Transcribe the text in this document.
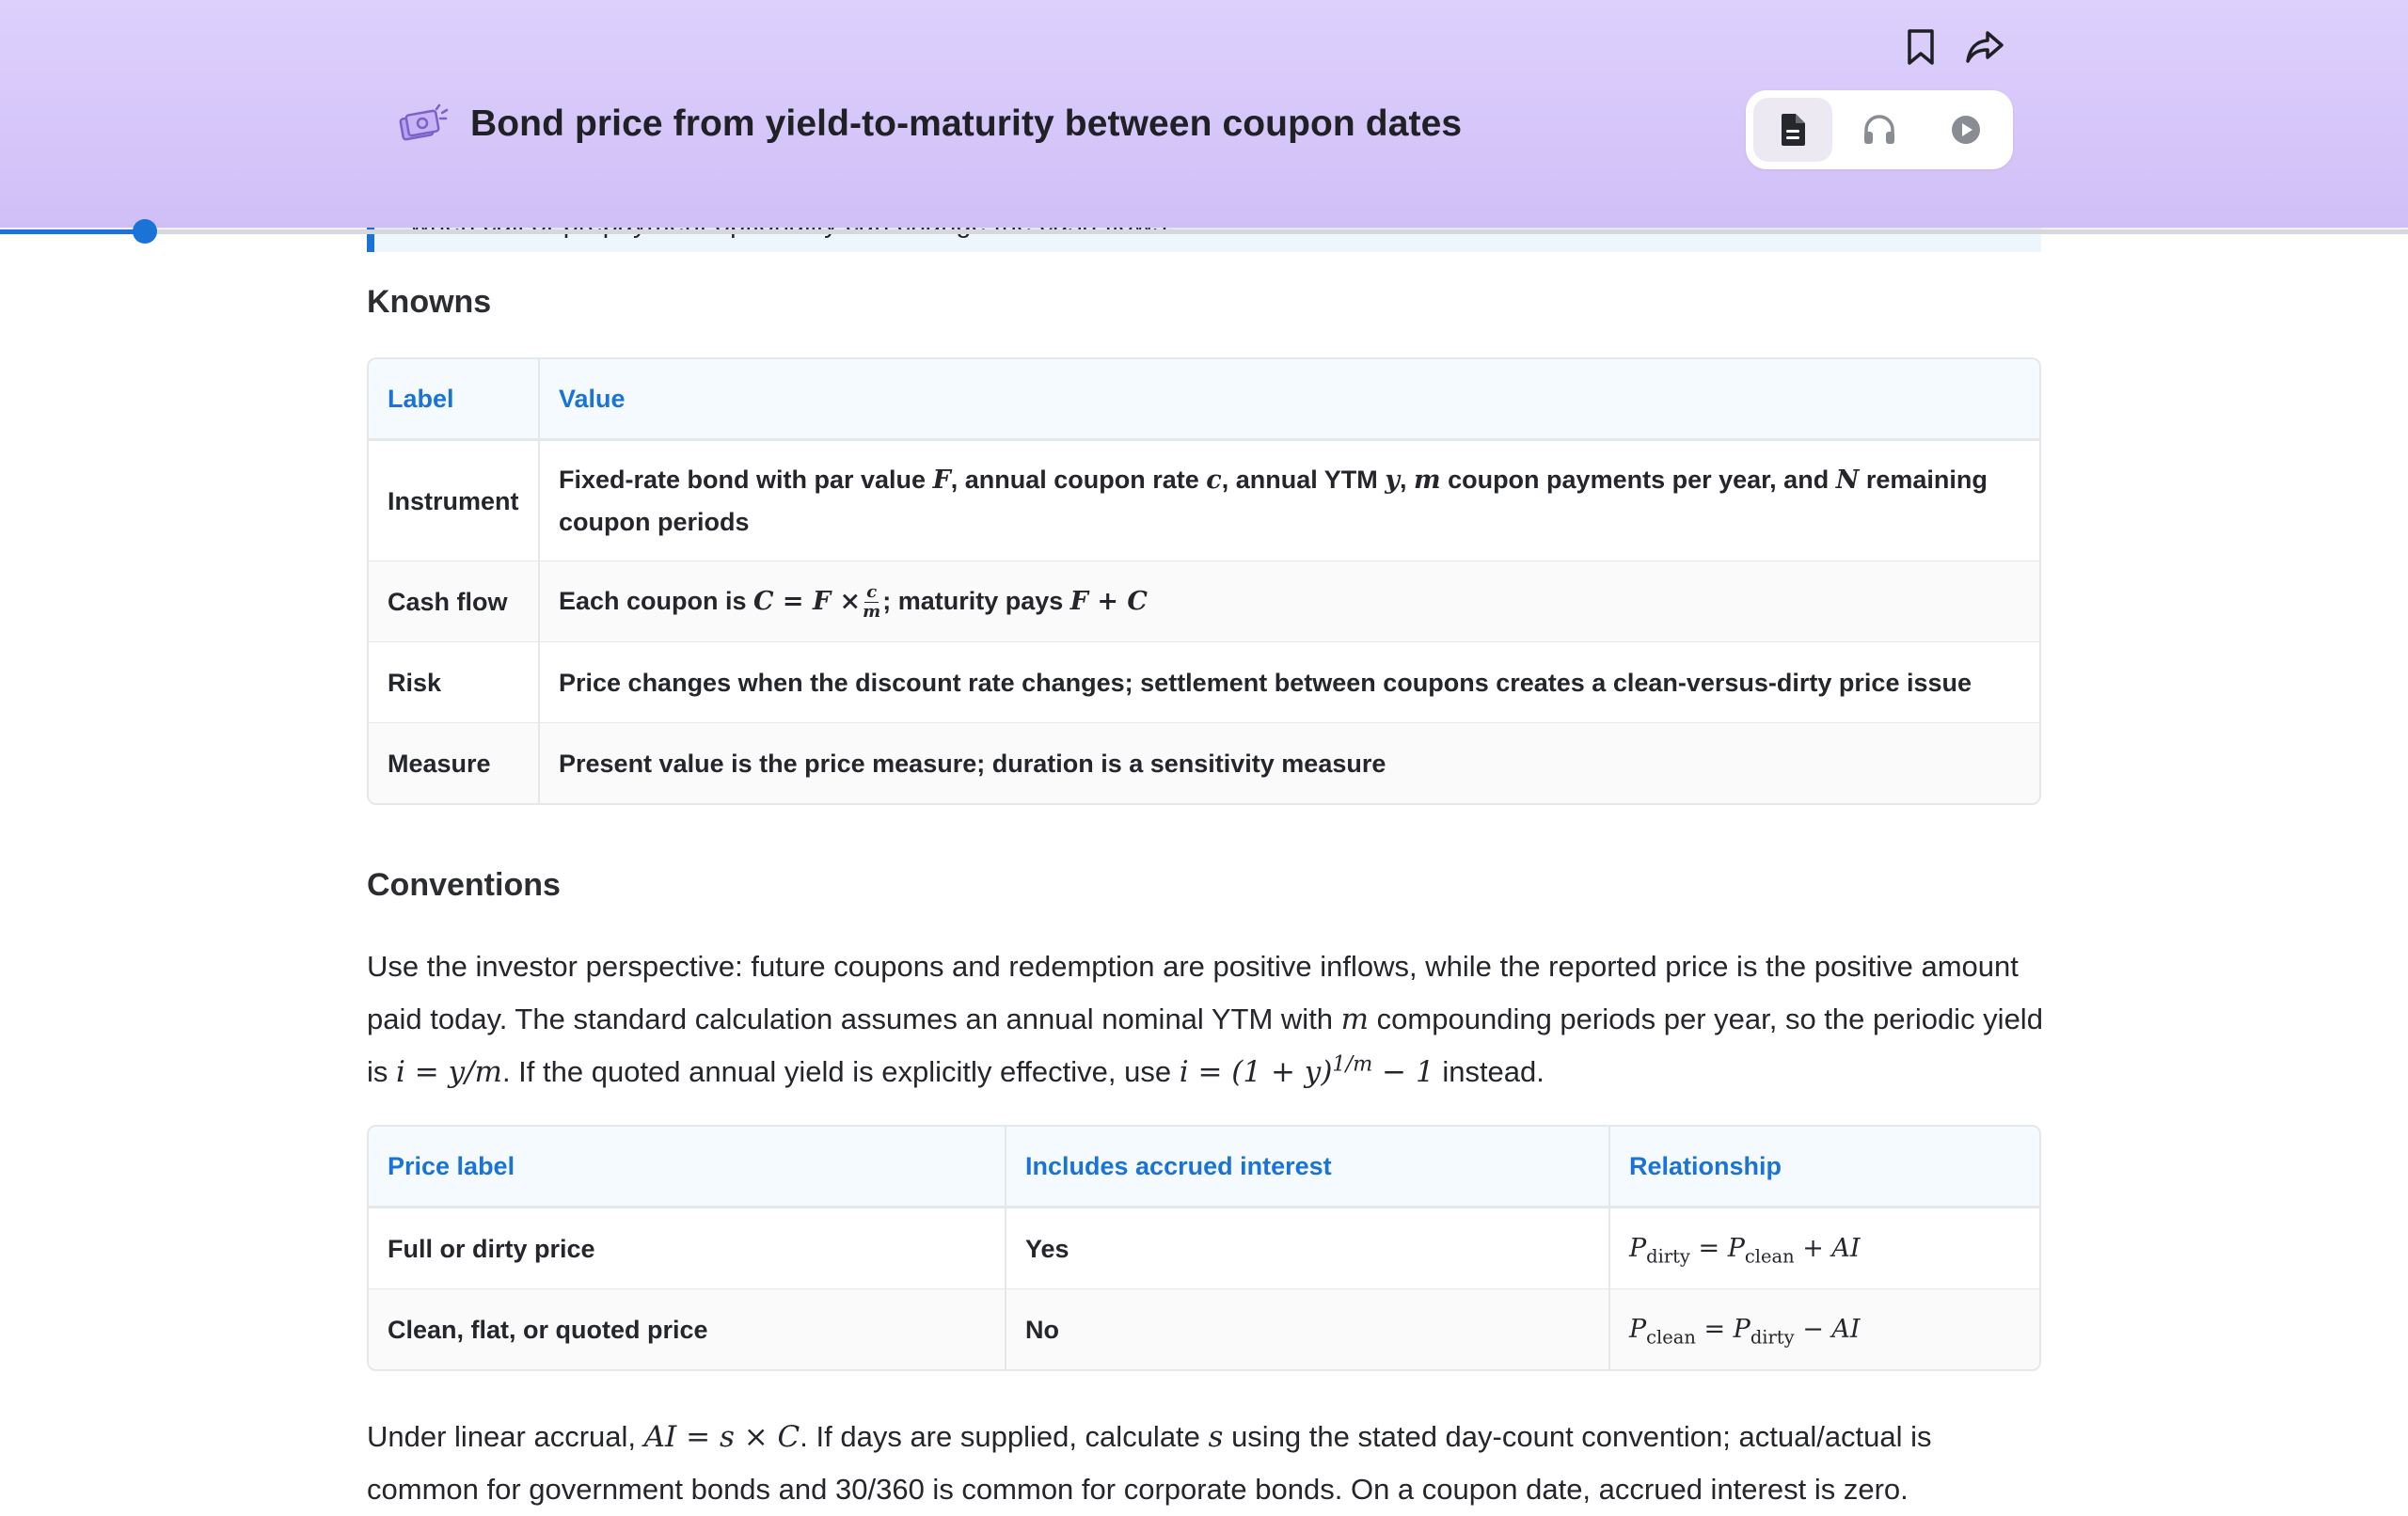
Bond price from yield-to-maturity between coupon dates
Knowns
Label	Value
Instrument	Fixed-rate bond with par value F, annual coupon rate c, annual YTM y, m coupon payments per year, and N remaining coupon periods
Cash flow	Each coupon is $C = F \times \frac{c}{m}$ ; maturity pays F + C
Risk	Price changes when the discount rate changes; settlement between coupons creates a clean-versus-dirty price issue
Measure	Present value is the price measure; duration is a sensitivity measure
Conventions

Use the investor perspective: future coupons and redemption are positive inflows, while the reported price is the positive amount paid today. The standard calculation assumes an annual nominal YTM with m compounding periods per year, so the periodic yield is i = y/m. If the quoted annual yield is explicitly effective, use $i = (1 + y)^{1/m} - 1$ instead.

Price label	Includes accrued interest	Relationship
Full or dirty price	Yes	$P_{dirty} = P_{clean}$ + AI
Clean, flat, or quoted price	No	$P_{clean} = P_{dirty}$ − AI

Under linear accrual, AI = s × C. If days are supplied, calculate s using the stated day-count convention; actual/actual is common for government bonds and 30/360 is common for corporate bonds. On a coupon date, accrued interest is zero.
